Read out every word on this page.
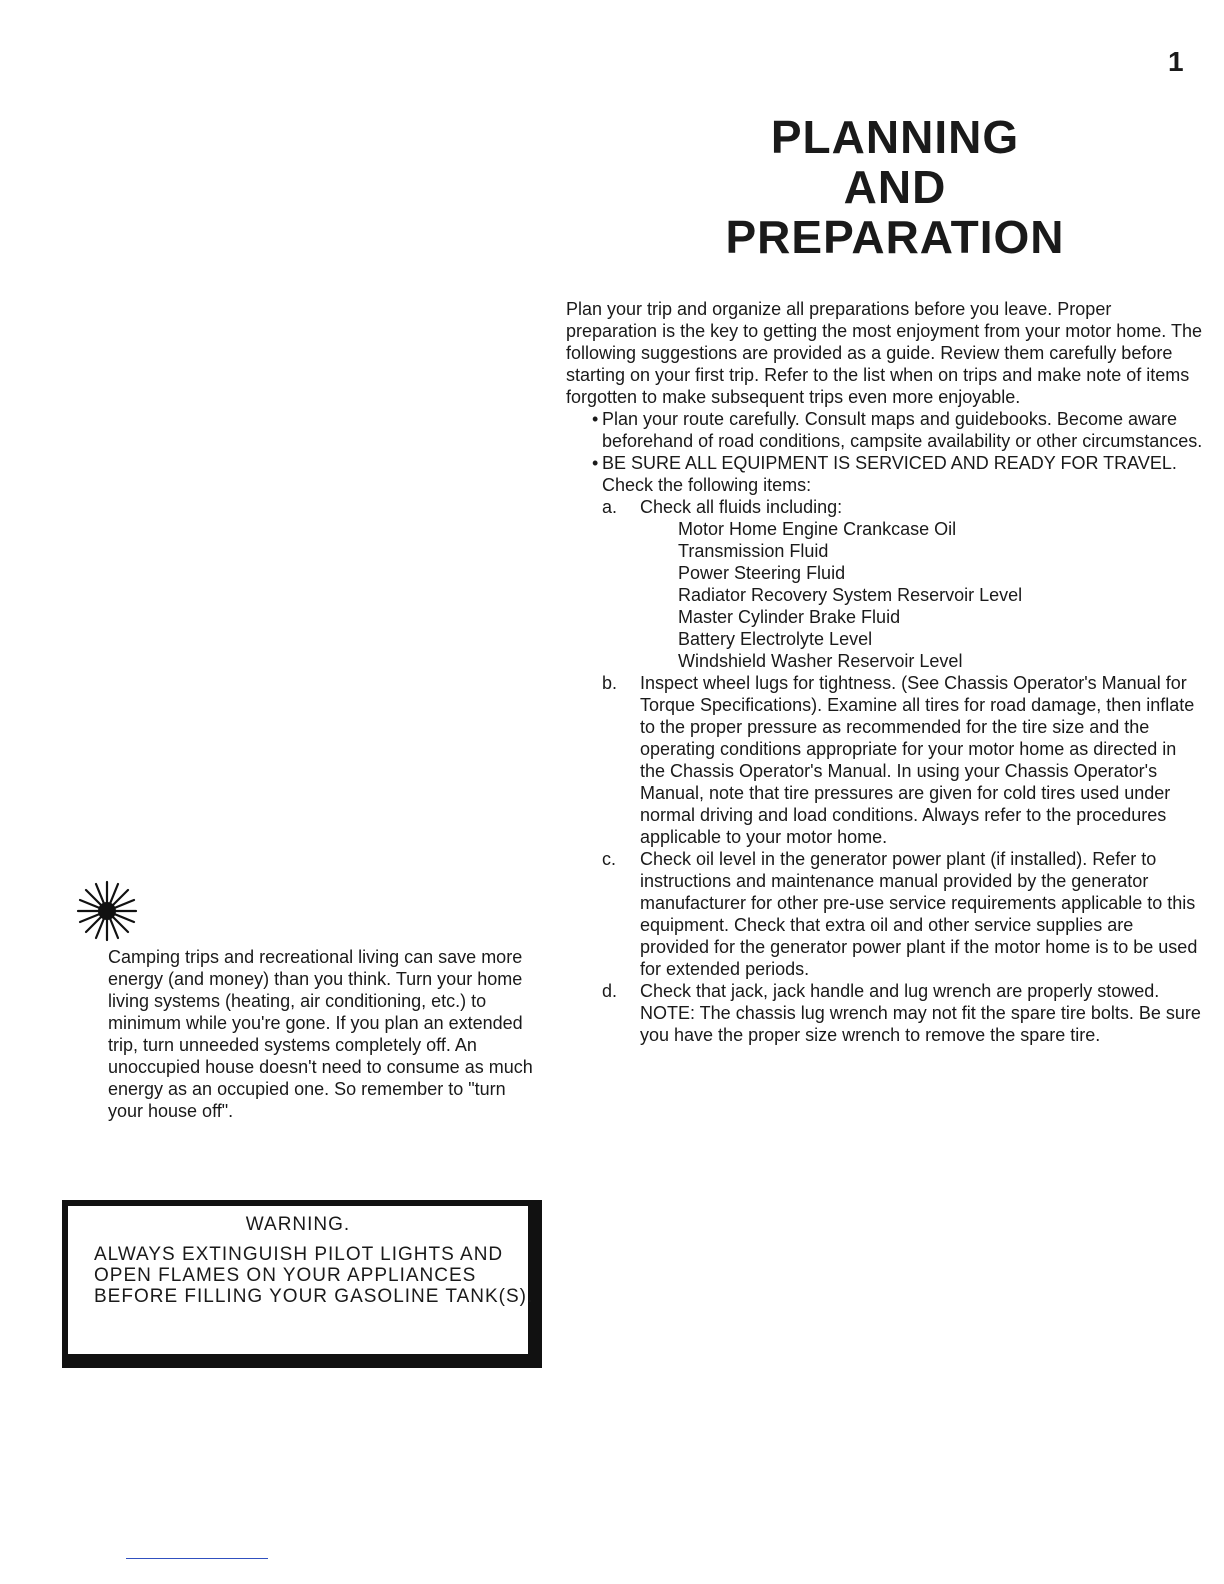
1
PLANNING
AND
PREPARATION

Plan your trip and organize all preparations before you leave. Proper preparation is the key to getting the most enjoyment from your motor home. The following suggestions are provided as a guide. Review them carefully before starting on your first trip. Refer to the list when on trips and make note of items forgotten to make subsequent trips even more enjoyable.

• Plan your route carefully. Consult maps and guidebooks. Become aware beforehand of road conditions, campsite availability or other circumstances.
• BE SURE ALL EQUIPMENT IS SERVICED AND READY FOR TRAVEL. Check the following items:
a. Check all fluids including:
Motor Home Engine Crankcase Oil
Transmission Fluid
Power Steering Fluid
Radiator Recovery System Reservoir Level
Master Cylinder Brake Fluid
Battery Electrolyte Level
Windshield Washer Reservoir Level
b. Inspect wheel lugs for tightness. (See Chassis Operator's Manual for Torque Specifications). Examine all tires for road damage, then inflate to the proper pressure as recommended for the tire size and the operating conditions appropriate for your motor home as directed in the Chassis Operator's Manual. In using your Chassis Operator's Manual, note that tire pressures are given for cold tires used under normal driving and load conditions. Always refer to the procedures applicable to your motor home.
c. Check oil level in the generator power plant (if installed). Refer to instructions and maintenance manual provided by the generator manufacturer for other pre-use service requirements applicable to this equipment. Check that extra oil and other service supplies are provided for the generator power plant if the motor home is to be used for extended periods.
d. Check that jack, jack handle and lug wrench are properly stowed.

NOTE: The chassis lug wrench may not fit the spare tire bolts. Be sure you have the proper size wrench to remove the spare tire.

Camping trips and recreational living can save more energy (and money) than you think. Turn your home living systems (heating, air conditioning, etc.) to minimum while you're gone. If you plan an extended trip, turn unneeded systems completely off. An unoccupied house doesn't need to consume as much energy as an occupied one. So remember to "turn your house off".

WARNING.
ALWAYS EXTINGUISH PILOT LIGHTS AND OPEN FLAMES ON YOUR APPLIANCES BEFORE FILLING YOUR GASOLINE TANK(S).
